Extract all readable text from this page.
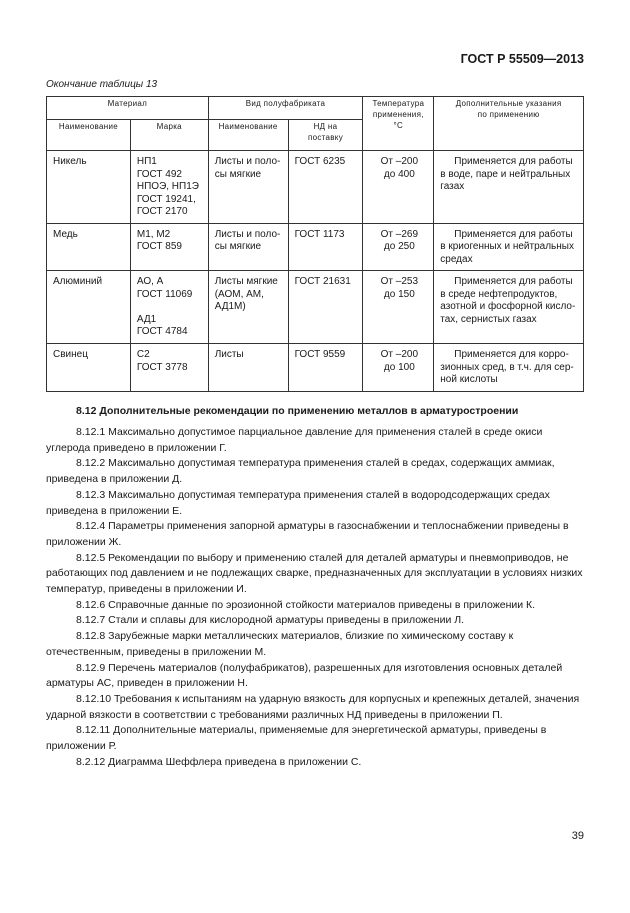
ГОСТ Р 55509—2013
Окончание таблицы 13
Материал		Вид полуфабриката		Температура
применения,
°С	Дополнительные указания
по применению

Наименование	Марка	Наименование	НД на
поставку		

Никель	НП1
ГОСТ 492
НПОЭ, НП1Э
ГОСТ 19241,
ГОСТ 2170	Листы и поло-
сы мягкие	ГОСТ 6235	От –200
до 400	Применяется для работы
в воде, паре и нейтральных
газах

Медь	М1, М2
ГОСТ 859	Листы и поло-
сы мягкие	ГОСТ 1173	От –269
до 250	Применяется для работы
в криогенных и нейтральных
средах

Алюминий	АО, А
ГОСТ 11069
АД1
ГОСТ 4784	Листы мягкие
(АОМ, АМ,
АД1М)	ГОСТ 21631	От –253
до 150	Применяется для работы
в среде нефтепродуктов,
азотной и фосфорной кисло-
тах, сернистых газах

Свинец	С2
ГОСТ 3778	Листы	ГОСТ 9559	От –200
до 100	Применяется для корро-
зионных сред, в т.ч. для сер-
ной кислоты
8.12 Дополнительные рекомендации по применению металлов в арматуростроении

8.12.1 Максимально допустимое парциальное давление для применения сталей в среде окиси углерода приведено в приложении Г.

8.12.2 Максимально допустимая температура применения сталей в средах, содержащих аммиак, приведена в приложении Д.

8.12.3 Максимально допустимая температура применения сталей в водородсодержащих средах приведена в приложении Е.

8.12.4 Параметры применения запорной арматуры в газоснабжении и теплоснабжении приведены в приложении Ж.

8.12.5 Рекомендации по выбору и применению сталей для деталей арматуры и пневмоприводов, не работающих под давлением и не подлежащих сварке, предназначенных для эксплуатации в условиях низких температур, приведены в приложении И.

8.12.6 Справочные данные по эрозионной стойкости материалов приведены в приложении К.

8.12.7 Стали и сплавы для кислородной арматуры приведены в приложении Л.

8.12.8 Зарубежные марки металлических материалов, близкие по химическому составу к отечественным, приведены в приложении М.

8.12.9 Перечень материалов (полуфабрикатов), разрешенных для изготовления основных деталей арматуры АС, приведен в приложении Н.

8.12.10 Требования к испытаниям на ударную вязкость для корпусных и крепежных деталей, значения ударной вязкости в соответствии с требованиями различных НД приведены в приложении П.

8.12.11 Дополнительные материалы, применяемые для энергетической арматуры, приведены в приложении Р.

8.2.12 Диаграмма Шеффлера приведена в приложении С.

39
